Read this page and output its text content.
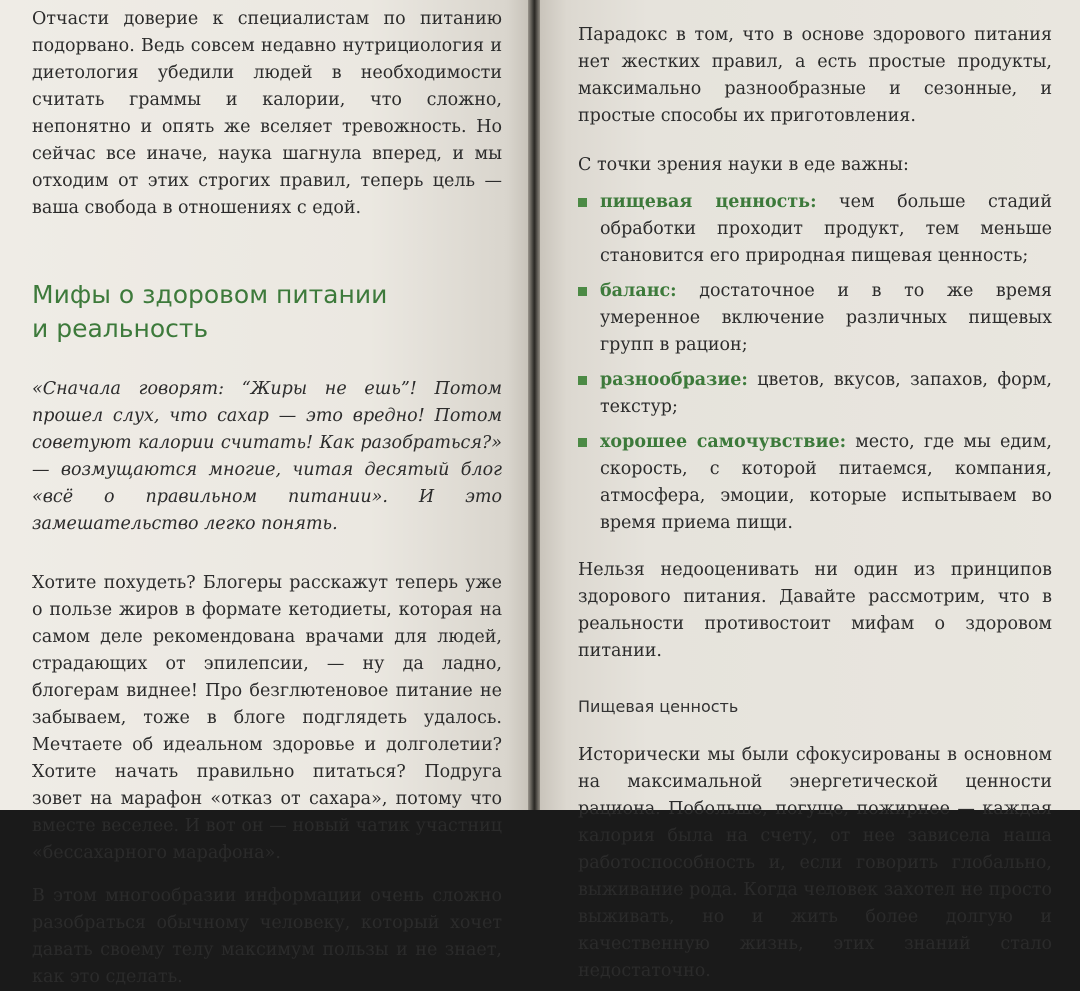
Отчасти доверие к специалистам по питанию подорвано. Ведь совсем недавно нутрициология и диетология убедили людей в необходимости считать граммы и калории, что сложно, непонятно и опять же вселяет тревожность. Но сейчас все иначе, наука шагнула вперед, и мы отходим от этих строгих правил, теперь цель — ваша свобода в отношениях с едой.

Мифы о здоровом питании
и реальность

«Сначала говорят: “Жиры не ешь”! Потом прошел слух, что сахар — это вредно! Потом советуют калории считать! Как разобраться?» — возмущаются многие, читая десятый блог «всё о правильном питании». И это замешательство легко понять.

Хотите похудеть? Блогеры расскажут теперь уже о пользе жиров в формате кетодиеты, которая на самом деле рекомендована врачами для людей, страдающих от эпилепсии, — ну да ладно, блогерам виднее! Про безглютеновое питание не забываем, тоже в блоге подглядеть удалось. Мечтаете об идеальном здоровье и долголетии? Хотите начать правильно питаться? Подруга зовет на марафон «отказ от сахара», потому что вместе веселее. И вот он — новый чатик участниц «бессахарного марафона».

В этом многообразии информации очень сложно разобраться обычному человеку, который хочет давать своему телу максимум пользы и не знает, как это сделать.

Парадокс в том, что в основе здорового питания нет жестких правил, а есть простые продукты, максимально разнообразные и сезонные, и простые способы их приготовления.

С точки зрения науки в еде важны:

пищевая ценность: чем больше стадий обработки проходит продукт, тем меньше становится его природная пищевая ценность;
баланс: достаточное и в то же время умеренное включение различных пищевых групп в рацион;
разнообразие: цветов, вкусов, запахов, форм, текстур;
хорошее самочувствие: место, где мы едим, скорость, с которой питаемся, компания, атмосфера, эмоции, которые испытываем во время приема пищи.

Нельзя недооценивать ни один из принципов здорового питания. Давайте рассмотрим, что в реальности противостоит мифам о здоровом питании.

Пищевая ценность

Исторически мы были сфокусированы в основном на максимальной энергетической ценности рациона. Побольше, погуще, пожирнее — каждая калория была на счету, от нее зависела наша работоспособность и, если говорить глобально, выживание рода. Когда человек захотел не просто выживать, но и жить более долгую и качественную жизнь, этих знаний стало недостаточно.
